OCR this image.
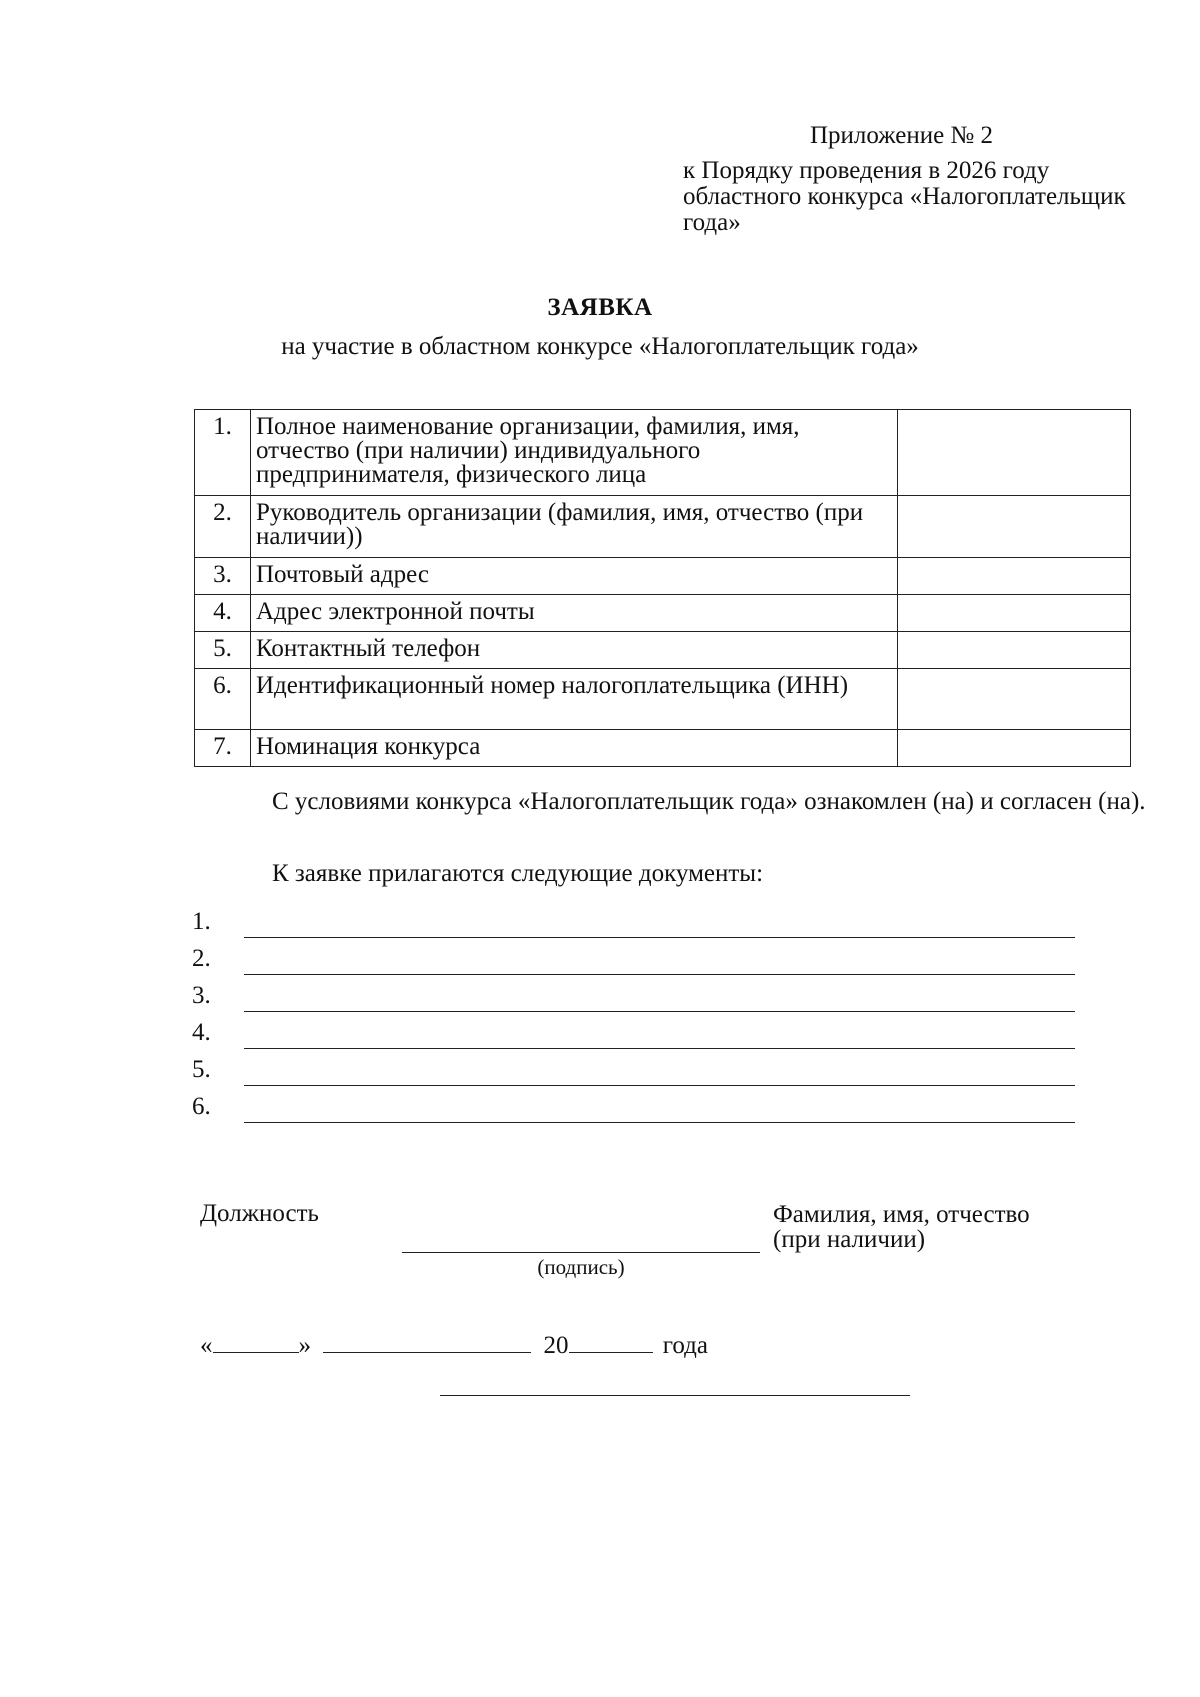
Приложение № 2
к Порядку проведения в 2026 году
областного конкурса «Налогоплательщик
года»
ЗАЯВКА
на участие в областном конкурсе «Налогоплательщик года»
1.	Полное наименование организации, фамилия, имя, отчество (при наличии) индивидуального предпринимателя, физического лица	
2.	Руководитель организации (фамилия, имя, отчество (при наличии))	
3.	Почтовый адрес	
4.	Адрес электронной почты	
5.	Контактный телефон	
6.	Идентификационный номер налогоплательщика (ИНН)	
7.	Номинация конкурса	
С условиями конкурса «Налогоплательщик года» ознакомлен (на) и согласен (на).
К заявке прилагаются следующие документы:
1.
2.
3.
4.
5.
6.
Должность
(подпись)
Фамилия, имя, отчество
(при наличии)
«	»	20	года
